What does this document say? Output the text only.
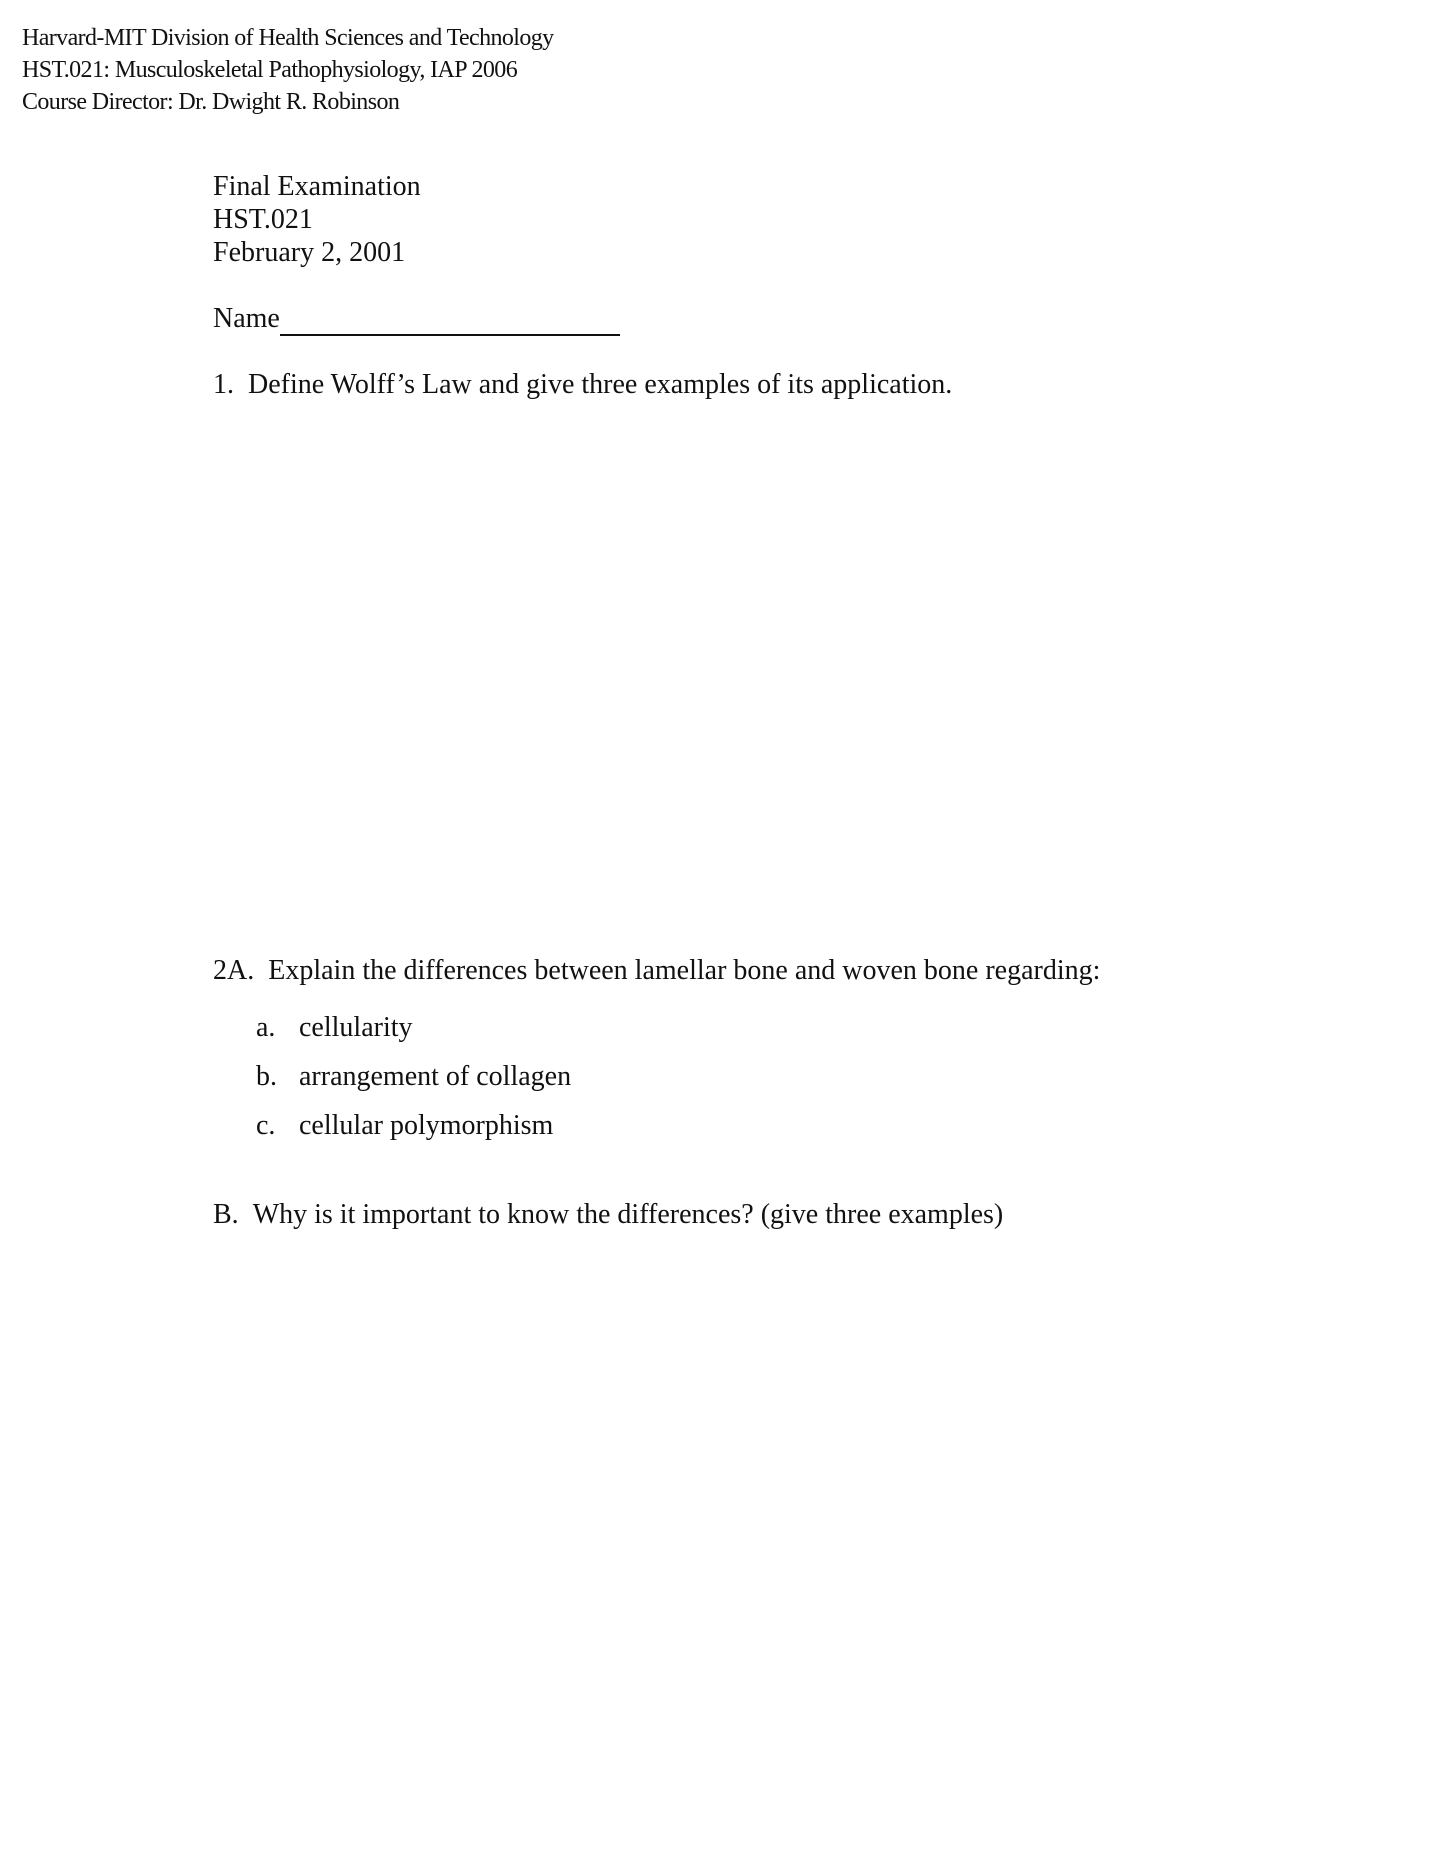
Harvard-MIT Division of Health Sciences and Technology
HST.021: Musculoskeletal Pathophysiology, IAP 2006
Course Director: Dr. Dwight R. Robinson
Final Examination
HST.021
February 2, 2001
Name
1. Define Wolff’s Law and give three examples of its application.
2A. Explain the differences between lamellar bone and woven bone regarding:
a. cellularity
b. arrangement of collagen
c. cellular polymorphism
B. Why is it important to know the differences? (give three examples)
